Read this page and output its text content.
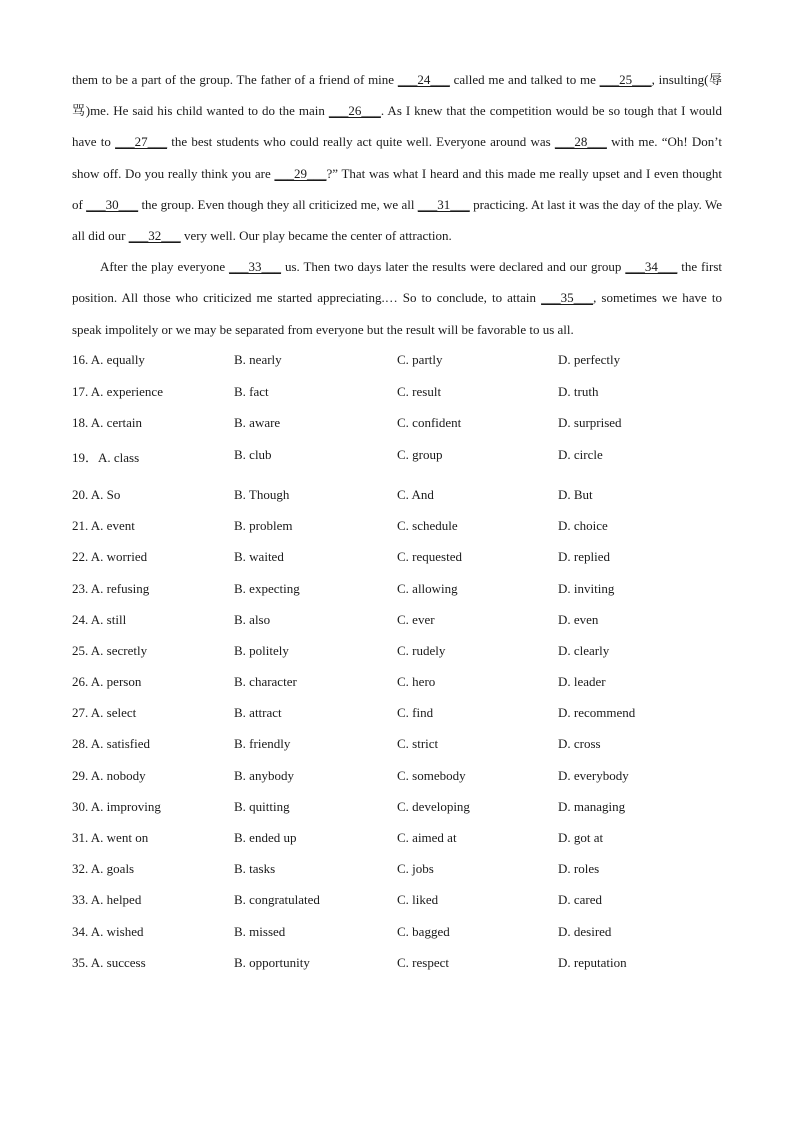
them to be a part of the group. The father of a friend of mine ___24___ called me and talked to me ___25___, insulting(辱骂)me. He said his child wanted to do the main ___26___. As I knew that the competition would be so tough that I would have to ___27___ the best students who could really act quite well. Everyone around was ___28___ with me. “Oh! Don’t show off. Do you really think you are ___29___?” That was what I heard and this made me really upset and I even thought of ___30___ the group. Even though they all criticized me, we all ___31___ practicing. At last it was the day of the play. We all did our ___32___ very well. Our play became the center of attraction.

After the play everyone ___33___ us. Then two days later the results were declared and our group ___34___ the first position. All those who criticized me started appreciating.… So to conclude, to attain ___35___, sometimes we have to speak impolitely or we may be separated from everyone but the result will be favorable to us all.

16. A. equally	B. nearly	C. partly	D. perfectly
17. A. experience	B. fact	C. result	D. truth
18. A. certain	B. aware	C. confident	D. surprised
19．A. class	B. club	C. group	D. circle
20. A. So	B. Though	C. And	D. But
21. A. event	B. problem	C. schedule	D. choice
22. A. worried	B. waited	C. requested	D. replied
23. A. refusing	B. expecting	C. allowing	D. inviting
24. A. still	B. also	C. ever	D. even
25. A. secretly	B. politely	C. rudely	D. clearly
26. A. person	B. character	C. hero	D. leader
27. A. select	B. attract	C. find	D. recommend
28. A. satisfied	B. friendly	C. strict	D. cross
29. A. nobody	B. anybody	C. somebody	D. everybody
30. A. improving	B. quitting	C. developing	D. managing
31. A. went on	B. ended up	C. aimed at	D. got at
32. A. goals	B. tasks	C. jobs	D. roles
33. A. helped	B. congratulated	C. liked	D. cared
34. A. wished	B. missed	C. bagged	D. desired
35. A. success	B. opportunity	C. respect	D. reputation
